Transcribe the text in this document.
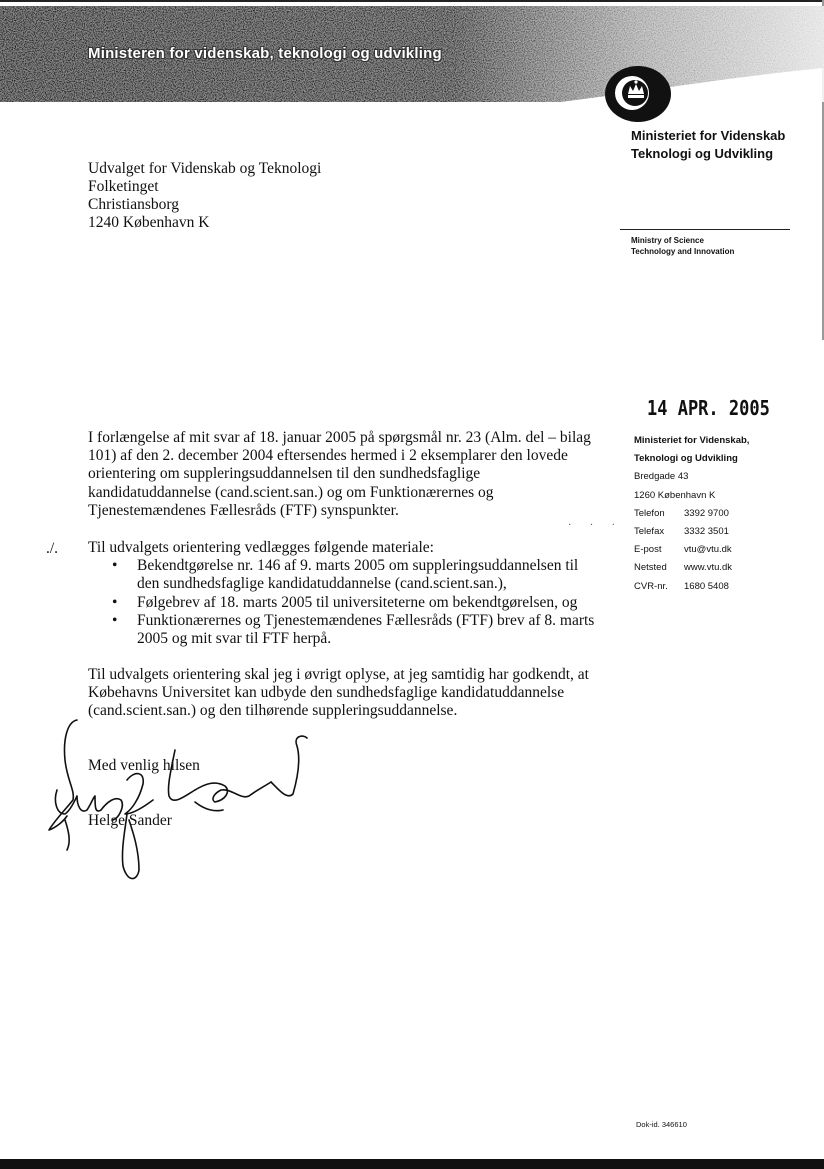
Ministeren for videnskab, teknologi og udvikling
Ministeriet for Videnskab
Teknologi og Udvikling
Udvalget for Videnskab og Teknologi
Folketinget
Christiansborg
1240 København K
Ministry of Science
Technology and Innovation
14 APR. 2005
Ministeriet for Videnskab,
Teknologi og Udvikling
Bredgade 43
1260 København K
Telefon	3392 9700
Telefax	3332 3501
E-post	vtu@vtu.dk
Netsted	www.vtu.dk
CVR-nr.	1680 5408
I forlængelse af mit svar af 18. januar 2005 på spørgsmål nr. 23 (Alm. del – bilag
101) af den 2. december 2004 eftersendes hermed i 2 eksemplarer den lovede
orientering om suppleringsuddannelsen til den sundhedsfaglige
kandidatuddannelse (cand.scient.san.) og om Funktionærernes og
Tjenestemændenes Fællesråds (FTF) synspunkter.
· · ·
./. Til udvalgets orientering vedlægges følgende materiale:
• Bekendtgørelse nr. 146 af 9. marts 2005 om suppleringsuddannelsen til
den sundhedsfaglige kandidatuddannelse (cand.scient.san.),
• Følgebrev af 18. marts 2005 til universiteterne om bekendtgørelsen, og
• Funktionærernes og Tjenestemændenes Fællesråds (FTF) brev af 8. marts
2005 og mit svar til FTF herpå.
Til udvalgets orientering skal jeg i øvrigt oplyse, at jeg samtidig har godkendt, at
Købehavns Universitet kan udbyde den sundhedsfaglige kandidatuddannelse
(cand.scient.san.) og den tilhørende suppleringsuddannelse.
Med venlig hilsen
Helge Sander
Dok-id. 346610
